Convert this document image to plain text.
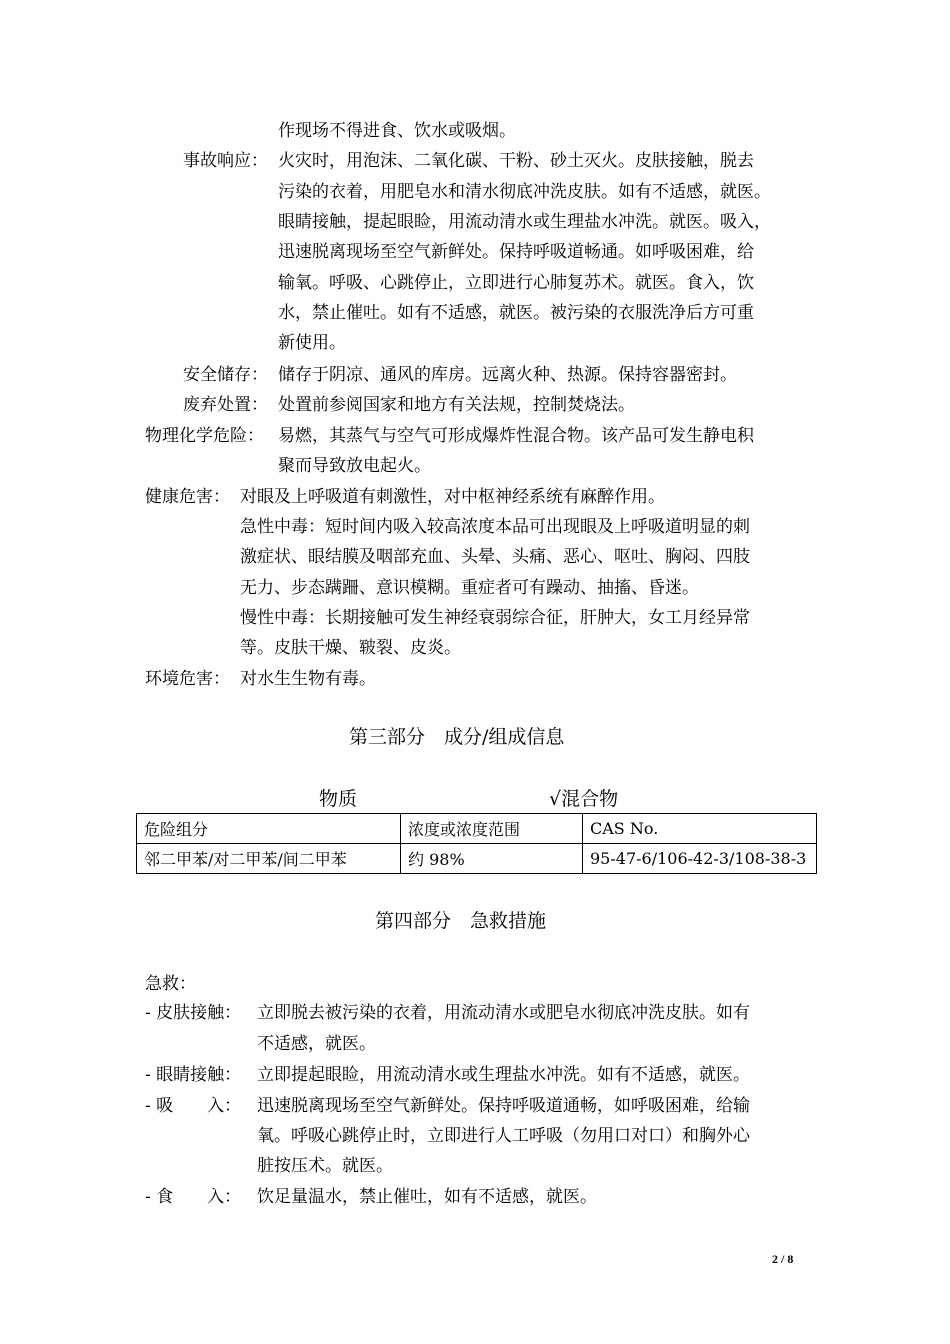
作现场不得进食、饮水或吸烟。
事故响应： 火灾时，用泡沫、二氧化碳、干粉、砂土灭火。皮肤接触，脱去
污染的衣着，用肥皂水和清水彻底冲洗皮肤。如有不适感，就医。
眼睛接触，提起眼睑，用流动清水或生理盐水冲洗。就医。吸入，
迅速脱离现场至空气新鲜处。保持呼吸道畅通。如呼吸困难，给
输氧。呼吸、心跳停止，立即进行心肺复苏术。就医。食入，饮
水，禁止催吐。如有不适感，就医。被污染的衣服洗净后方可重
新使用。
安全储存： 储存于阴凉、通风的库房。远离火种、热源。保持容器密封。
废弃处置： 处置前参阅国家和地方有关法规，控制焚烧法。
物理化学危险： 易燃，其蒸气与空气可形成爆炸性混合物。该产品可发生静电积
聚而导致放电起火。
健康危害： 对眼及上呼吸道有刺激性，对中枢神经系统有麻醉作用。
急性中毒：短时间内吸入较高浓度本品可出现眼及上呼吸道明显的刺
激症状、眼结膜及咽部充血、头晕、头痛、恶心、呕吐、胸闷、四肢
无力、步态蹒跚、意识模糊。重症者可有躁动、抽搐、昏迷。
慢性中毒：长期接触可发生神经衰弱综合征，肝肿大，女工月经异常
等。皮肤干燥、皲裂、皮炎。
环境危害： 对水生生物有毒。
第三部分　成分/组成信息
物质	√混合物
危险组分	浓度或浓度范围	CAS No.
邻二甲苯/对二甲苯/间二甲苯	约 98%	95-47-6/106-42-3/108-38-3
第四部分　急救措施
急救：
- 皮肤接触： 立即脱去被污染的衣着，用流动清水或肥皂水彻底冲洗皮肤。如有
不适感，就医。
- 眼睛接触： 立即提起眼睑，用流动清水或生理盐水冲洗。如有不适感，就医。
- 吸　　入： 迅速脱离现场至空气新鲜处。保持呼吸道通畅，如呼吸困难，给输
氧。呼吸心跳停止时，立即进行人工呼吸（勿用口对口）和胸外心
脏按压术。就医。
- 食　　入： 饮足量温水，禁止催吐，如有不适感，就医。
2 / 8
